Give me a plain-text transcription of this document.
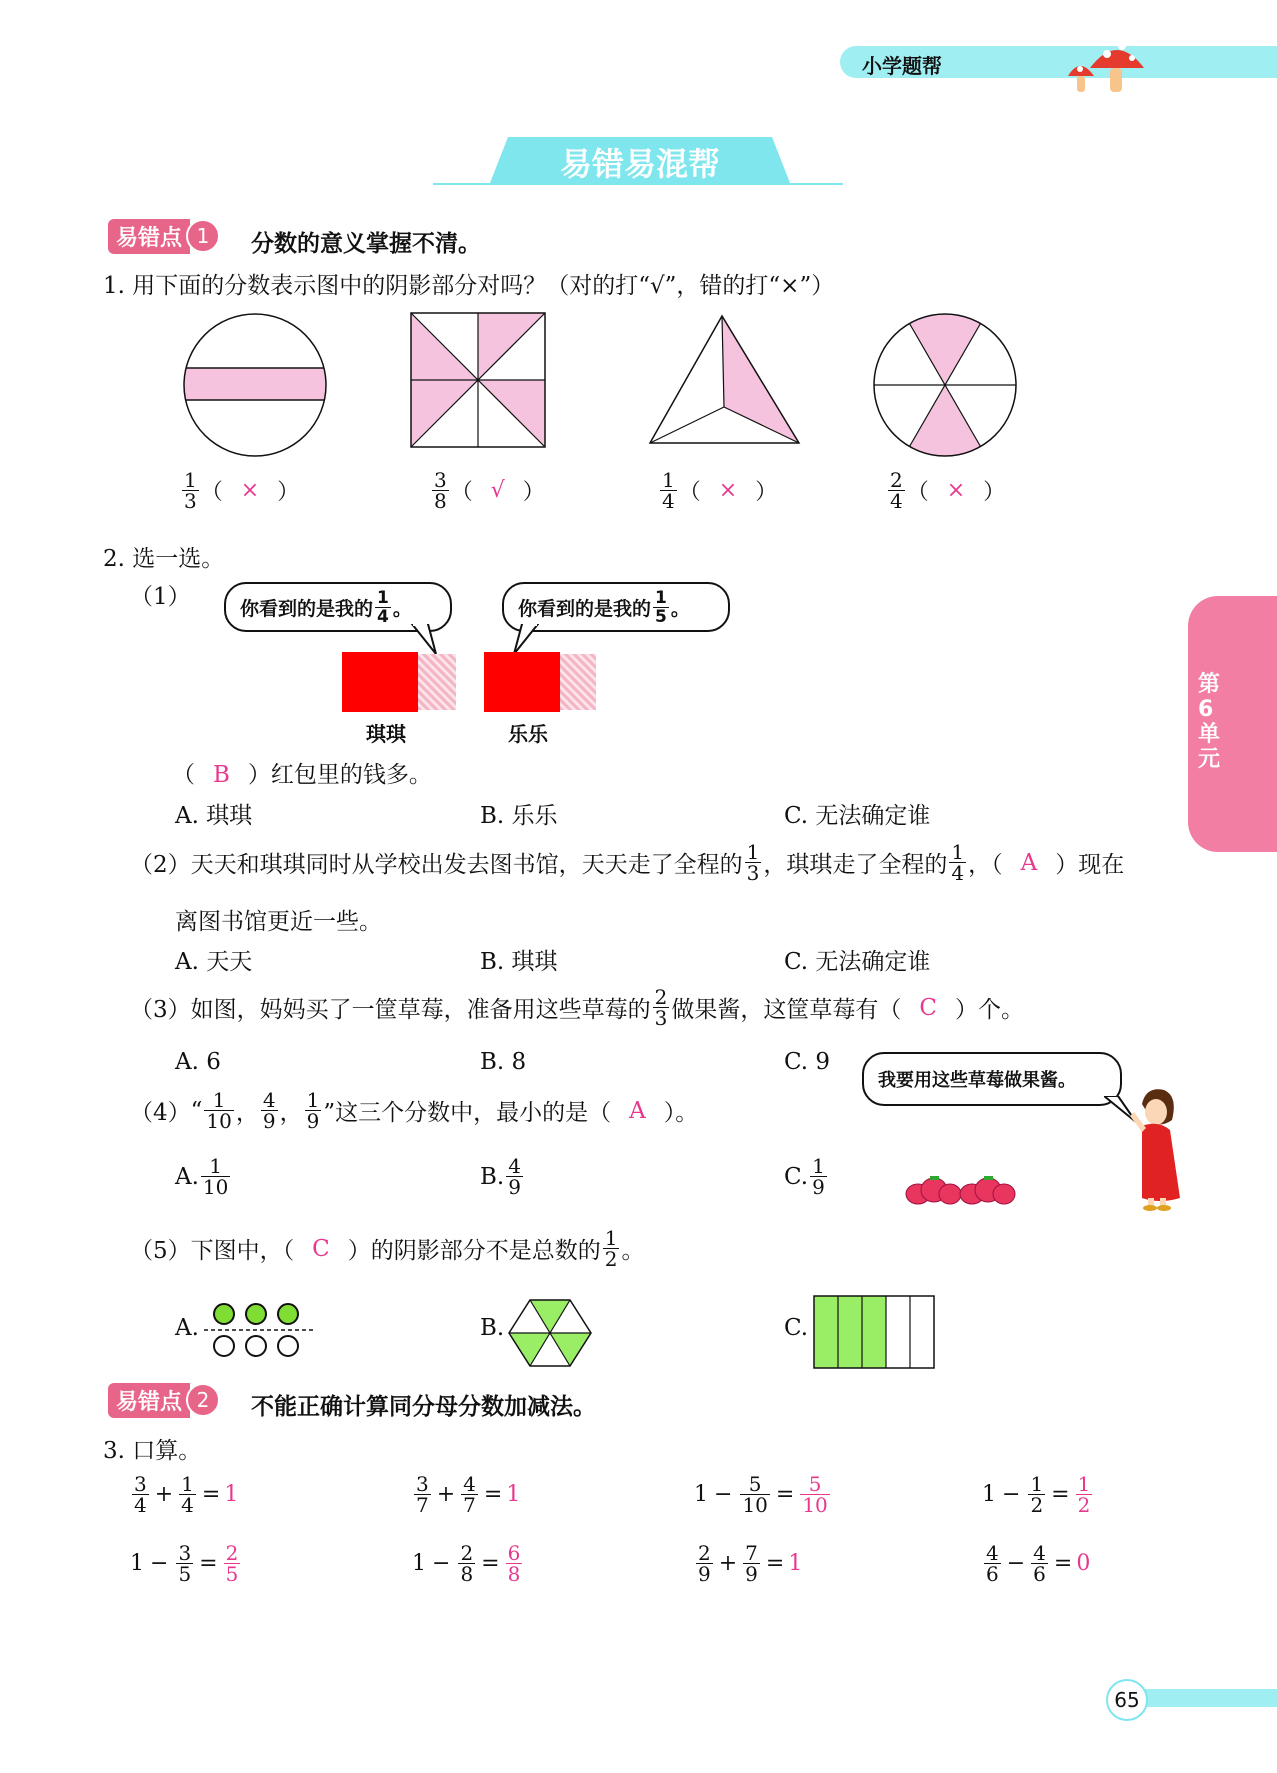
小学题帮
易错易混帮
第6单元
易错点 1	分数的意义掌握不清。
1. 用下面的分数表示图中的阴影部分对吗？（对的打“√”，错的打“×”）
$\frac{1}{3}$ （ × ）	$\frac{3}{8}$ （ √ ）	$\frac{1}{4}$ （ × ）	$\frac{2}{4}$ （ × ）
2. 选一选。
（1）	你看到的是我的 $\frac{1}{4}$ 。	你看到的是我的 $\frac{1}{5}$ 。
琪琪	乐乐
（ B ）红包里的钱多。
A. 琪琪	B. 乐乐	C. 无法确定谁
（2） 天天和琪琪同时从学校出发去图书馆，天天走了全程的 $\frac{1}{3}$ ，琪琪走了全程的 $\frac{1}{4}$ ，（ A ）现在
离图书馆更近一些。
A. 天天	B. 琪琪	C. 无法确定谁
（3） 如图，妈妈买了一筐草莓，准备用这些草莓的 $\frac{2}{3}$ 做果酱，这筐草莓有（ C ）个。
A. 6	B. 8	C. 9
我要用这些草莓做果酱。
（4） “ $\frac{1}{10}$ ， $\frac{4}{9}$ ， $\frac{1}{9}$ ”这三个分数中，最小的是（ A ）。
A. $\frac{1}{10}$	B. $\frac{4}{9}$	C. $\frac{1}{9}$
（5） 下图中，（ C ）的阴影部分不是总数的 $\frac{1}{2}$ 。
A.	B.	C.
易错点 2	不能正确计算同分母分数加减法。
3. 口算。
$\frac{3}{4} + \frac{1}{4} = 1$	$\frac{3}{7} + \frac{4}{7} = 1$	$1 - \frac{5}{10} = \frac{5}{10}$	$1 - \frac{1}{2} = \frac{1}{2}$
$1 - \frac{3}{5} = \frac{2}{5}$	$1 - \frac{2}{8} = \frac{6}{8}$	$\frac{2}{9} + \frac{7}{9} = 1$	$\frac{4}{6} - \frac{4}{6} = 0$
65
